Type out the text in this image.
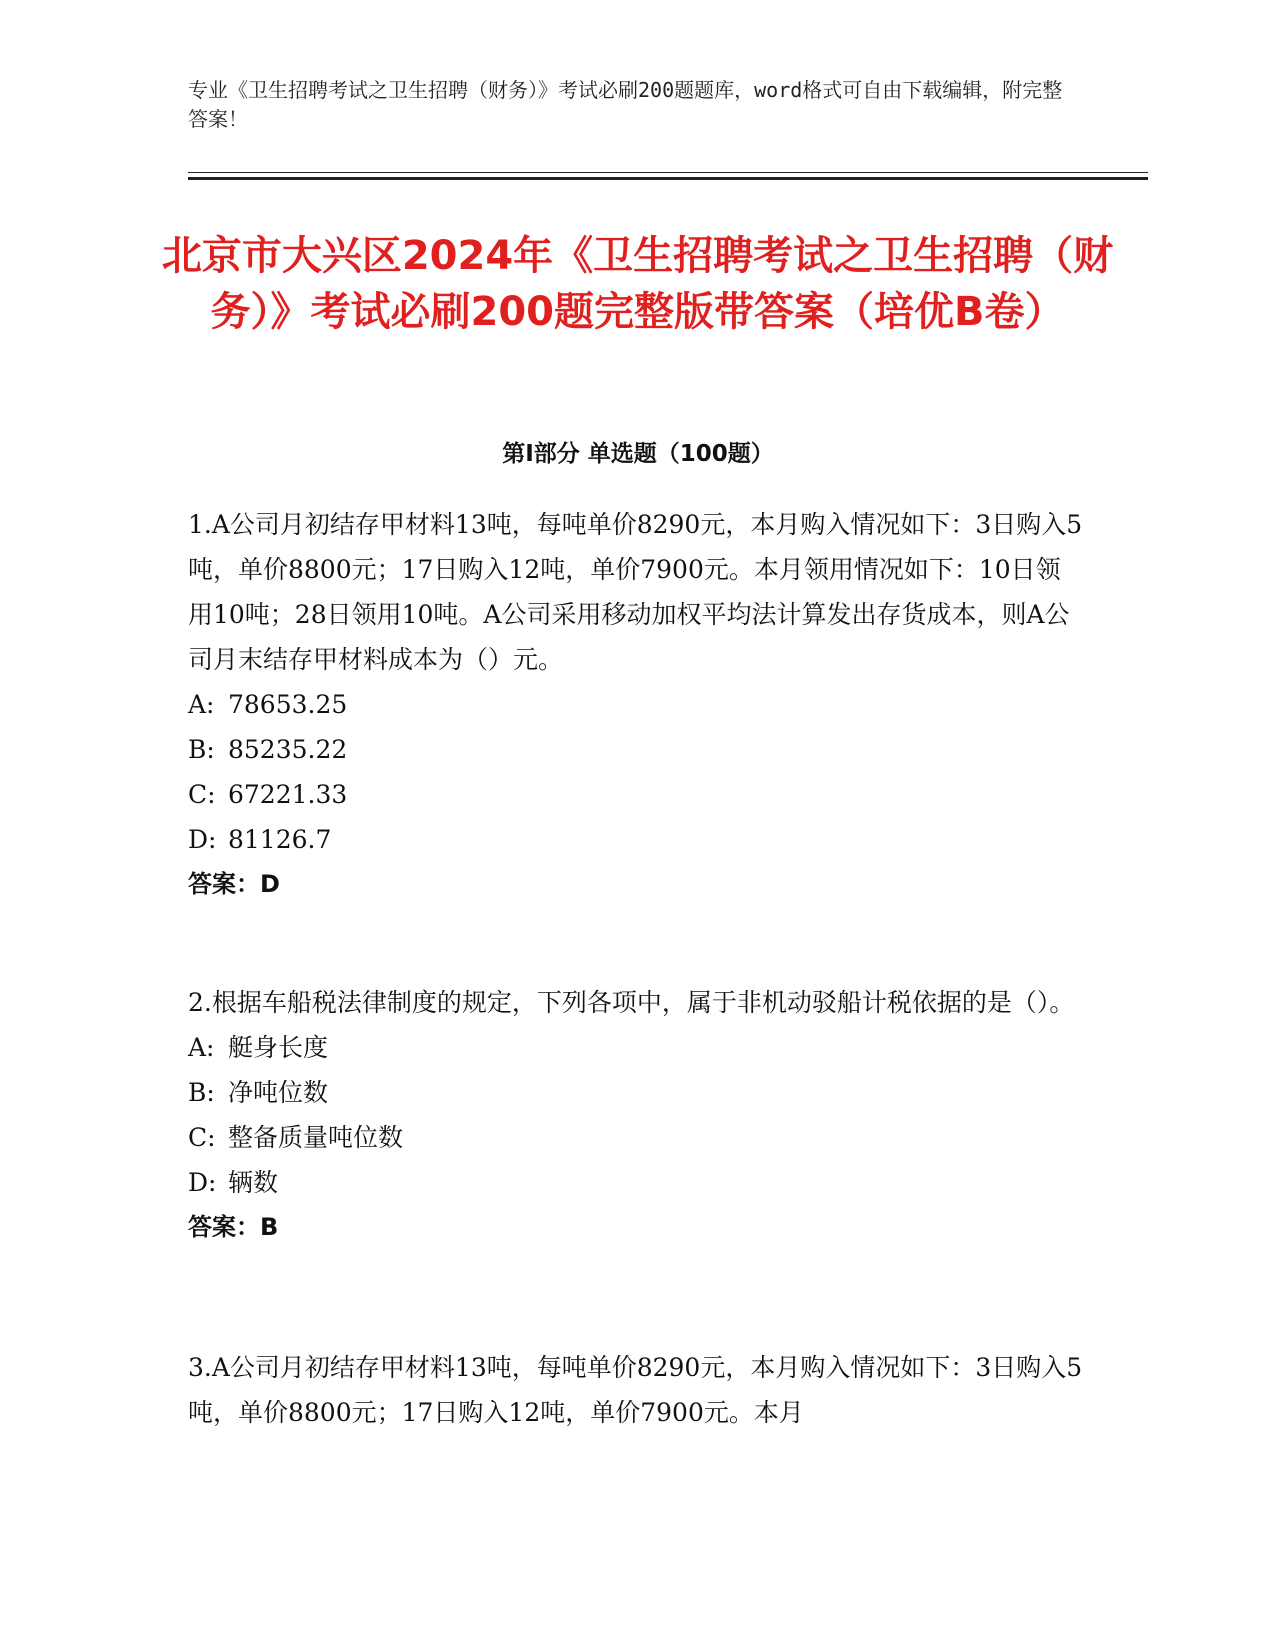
专业《卫生招聘考试之卫生招聘（财务）》考试必刷200题题库，word格式可自由下载编辑，附完整答案！
北京市大兴区2024年《卫生招聘考试之卫生招聘（财务）》考试必刷200题完整版带答案（培优B卷）
第Ⅰ部分 单选题（100题）

1.A公司月初结存甲材料13吨，每吨单价8290元，本月购入情况如下：3日购入5吨，单价8800元；17日购入12吨，单价7900元。本月领用情况如下：10日领用10吨；28日领用10吨。A公司采用移动加权平均法计算发出存货成本，则A公司月末结存甲材料成本为（）元。

A: 78653.25

B: 85235.22

C: 67221.33

D: 81126.7

答案：D

2.根据车船税法律制度的规定，下列各项中，属于非机动驳船计税依据的是（）。

A: 艇身长度

B: 净吨位数

C: 整备质量吨位数

D: 辆数

答案：B

3.A公司月初结存甲材料13吨，每吨单价8290元，本月购入情况如下：3日购入5吨，单价8800元；17日购入12吨，单价7900元。本月
